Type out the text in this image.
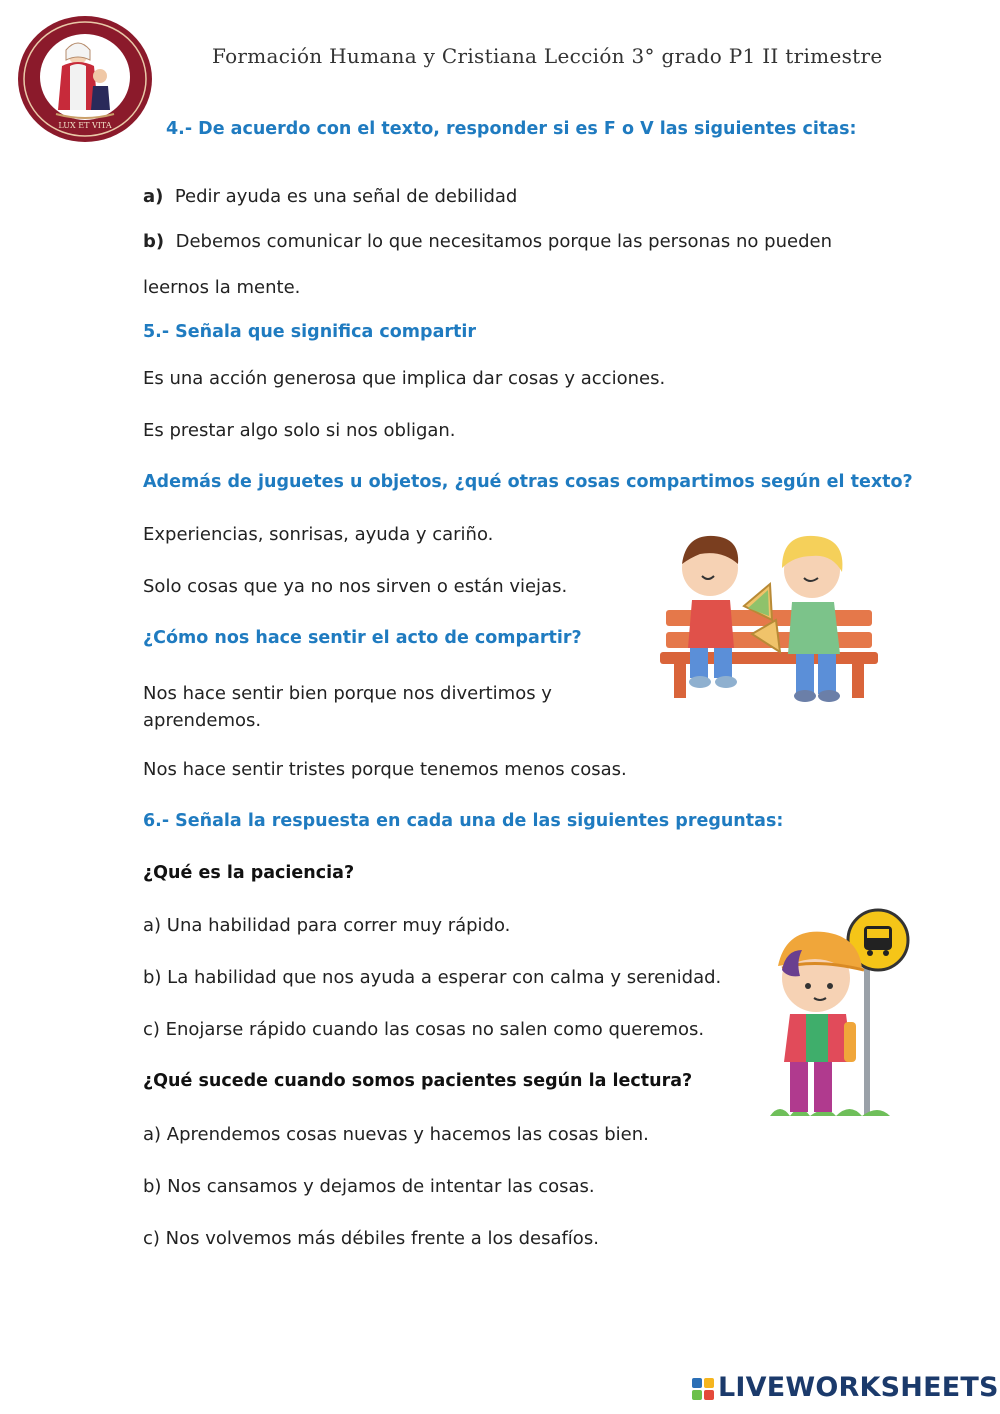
LUX ET VITA
Formación Humana y Cristiana Lección 3° grado P1 II trimestre
4.- De acuerdo con el texto, responder si es F o V las siguientes citas:
a) Pedir ayuda es una señal de debilidad
b) Debemos comunicar lo que necesitamos porque las personas no pueden
leernos la mente.
5.- Señala que significa compartir
Es una acción generosa que implica dar cosas y acciones.
Es prestar algo solo si nos obligan.
Además de juguetes u objetos, ¿qué otras cosas compartimos según el texto?
Experiencias, sonrisas, ayuda y cariño.
Solo cosas que ya no nos sirven o están viejas.
¿Cómo nos hace sentir el acto de compartir?
Nos hace sentir bien porque nos divertimos y aprendemos.
Nos hace sentir tristes porque tenemos menos cosas.
6.- Señala la respuesta en cada una de las siguientes preguntas:
¿Qué es la paciencia?
a) Una habilidad para correr muy rápido.
b) La habilidad que nos ayuda a esperar con calma y serenidad.
c) Enojarse rápido cuando las cosas no salen como queremos.
¿Qué sucede cuando somos pacientes según la lectura?
a) Aprendemos cosas nuevas y hacemos las cosas bien.
b) Nos cansamos y dejamos de intentar las cosas.
c) Nos volvemos más débiles frente a los desafíos.
LIVEWORKSHEETS
